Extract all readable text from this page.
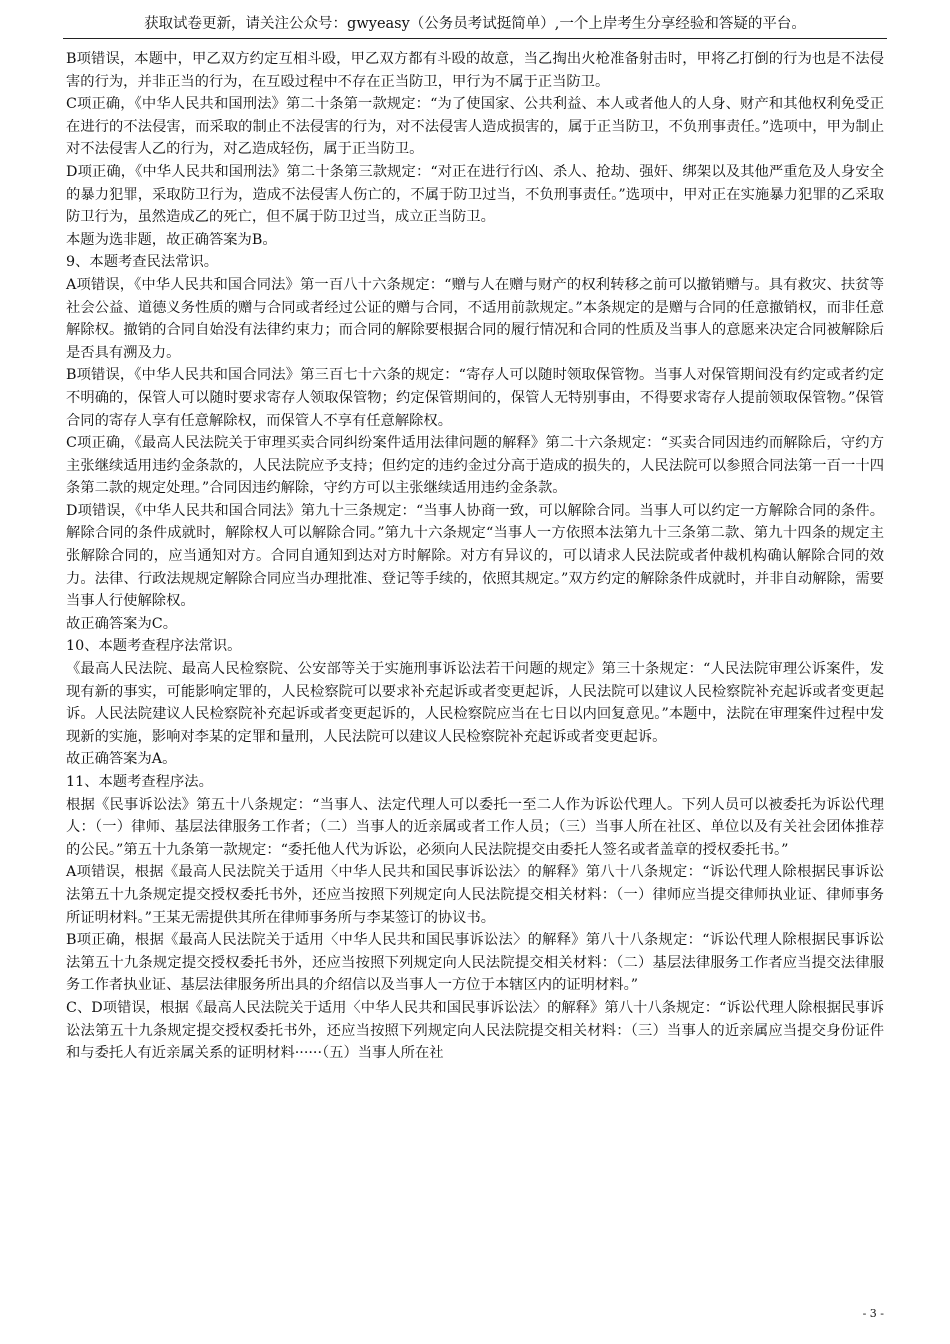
获取试卷更新，请关注公众号：gwyeasy（公务员考试挺简单）,一个上岸考生分享经验和答疑的平台。

B项错误，本题中，甲乙双方约定互相斗殴，甲乙双方都有斗殴的故意，当乙掏出火枪准备射击时，甲将乙打倒的行为也是不法侵害的行为，并非正当的行为，在互殴过程中不存在正当防卫，甲行为不属于正当防卫。

C项正确，《中华人民共和国刑法》第二十条第一款规定：“为了使国家、公共利益、本人或者他人的人身、财产和其他权利免受正在进行的不法侵害，而采取的制止不法侵害的行为，对不法侵害人造成损害的，属于正当防卫，不负刑事责任。”选项中，甲为制止对不法侵害人乙的行为，对乙造成轻伤，属于正当防卫。

D项正确，《中华人民共和国刑法》第二十条第三款规定：“对正在进行行凶、杀人、抢劫、强奸、绑架以及其他严重危及人身安全的暴力犯罪，采取防卫行为，造成不法侵害人伤亡的，不属于防卫过当，不负刑事责任。”选项中，甲对正在实施暴力犯罪的乙采取防卫行为，虽然造成乙的死亡，但不属于防卫过当，成立正当防卫。

本题为选非题，故正确答案为B。

9、本题考查民法常识。

A项错误，《中华人民共和国合同法》第一百八十六条规定：“赠与人在赠与财产的权利转移之前可以撤销赠与。具有救灾、扶贫等社会公益、道德义务性质的赠与合同或者经过公证的赠与合同，不适用前款规定。”本条规定的是赠与合同的任意撤销权，而非任意解除权。撤销的合同自始没有法律约束力；而合同的解除要根据合同的履行情况和合同的性质及当事人的意愿来决定合同被解除后是否具有溯及力。

B项错误，《中华人民共和国合同法》第三百七十六条的规定：“寄存人可以随时领取保管物。当事人对保管期间没有约定或者约定不明确的，保管人可以随时要求寄存人领取保管物；约定保管期间的，保管人无特别事由，不得要求寄存人提前领取保管物。”保管合同的寄存人享有任意解除权，而保管人不享有任意解除权。

C项正确，《最高人民法院关于审理买卖合同纠纷案件适用法律问题的解释》第二十六条规定：“买卖合同因违约而解除后，守约方主张继续适用违约金条款的，人民法院应予支持；但约定的违约金过分高于造成的损失的，人民法院可以参照合同法第一百一十四条第二款的规定处理。”合同因违约解除，守约方可以主张继续适用违约金条款。

D项错误，《中华人民共和国合同法》第九十三条规定：“当事人协商一致，可以解除合同。当事人可以约定一方解除合同的条件。解除合同的条件成就时，解除权人可以解除合同。”第九十六条规定“当事人一方依照本法第九十三条第二款、第九十四条的规定主张解除合同的，应当通知对方。合同自通知到达对方时解除。对方有异议的，可以请求人民法院或者仲裁机构确认解除合同的效力。法律、行政法规规定解除合同应当办理批准、登记等手续的，依照其规定。”双方约定的解除条件成就时，并非自动解除，需要当事人行使解除权。

故正确答案为C。

10、本题考查程序法常识。

《最高人民法院、最高人民检察院、公安部等关于实施刑事诉讼法若干问题的规定》第三十条规定：“人民法院审理公诉案件，发现有新的事实，可能影响定罪的，人民检察院可以要求补充起诉或者变更起诉，人民法院可以建议人民检察院补充起诉或者变更起诉。人民法院建议人民检察院补充起诉或者变更起诉的，人民检察院应当在七日以内回复意见。”本题中，法院在审理案件过程中发现新的实施，影响对李某的定罪和量刑，人民法院可以建议人民检察院补充起诉或者变更起诉。

故正确答案为A。

11、本题考查程序法。

根据《民事诉讼法》第五十八条规定：“当事人、法定代理人可以委托一至二人作为诉讼代理人。下列人员可以被委托为诉讼代理人：（一）律师、基层法律服务工作者；（二）当事人的近亲属或者工作人员；（三）当事人所在社区、单位以及有关社会团体推荐的公民。”第五十九条第一款规定：“委托他人代为诉讼，必须向人民法院提交由委托人签名或者盖章的授权委托书。”

A项错误，根据《最高人民法院关于适用〈中华人民共和国民事诉讼法〉的解释》第八十八条规定：“诉讼代理人除根据民事诉讼法第五十九条规定提交授权委托书外，还应当按照下列规定向人民法院提交相关材料：（一）律师应当提交律师执业证、律师事务所证明材料。”王某无需提供其所在律师事务所与李某签订的协议书。

B项正确，根据《最高人民法院关于适用〈中华人民共和国民事诉讼法〉的解释》第八十八条规定：“诉讼代理人除根据民事诉讼法第五十九条规定提交授权委托书外，还应当按照下列规定向人民法院提交相关材料：（二）基层法律服务工作者应当提交法律服务工作者执业证、基层法律服务所出具的介绍信以及当事人一方位于本辖区内的证明材料。”

C、D项错误，根据《最高人民法院关于适用〈中华人民共和国民事诉讼法〉的解释》第八十八条规定：“诉讼代理人除根据民事诉讼法第五十九条规定提交授权委托书外，还应当按照下列规定向人民法院提交相关材料：（三）当事人的近亲属应当提交身份证件和与委托人有近亲属关系的证明材料······（五）当事人所在社

- 3 -
